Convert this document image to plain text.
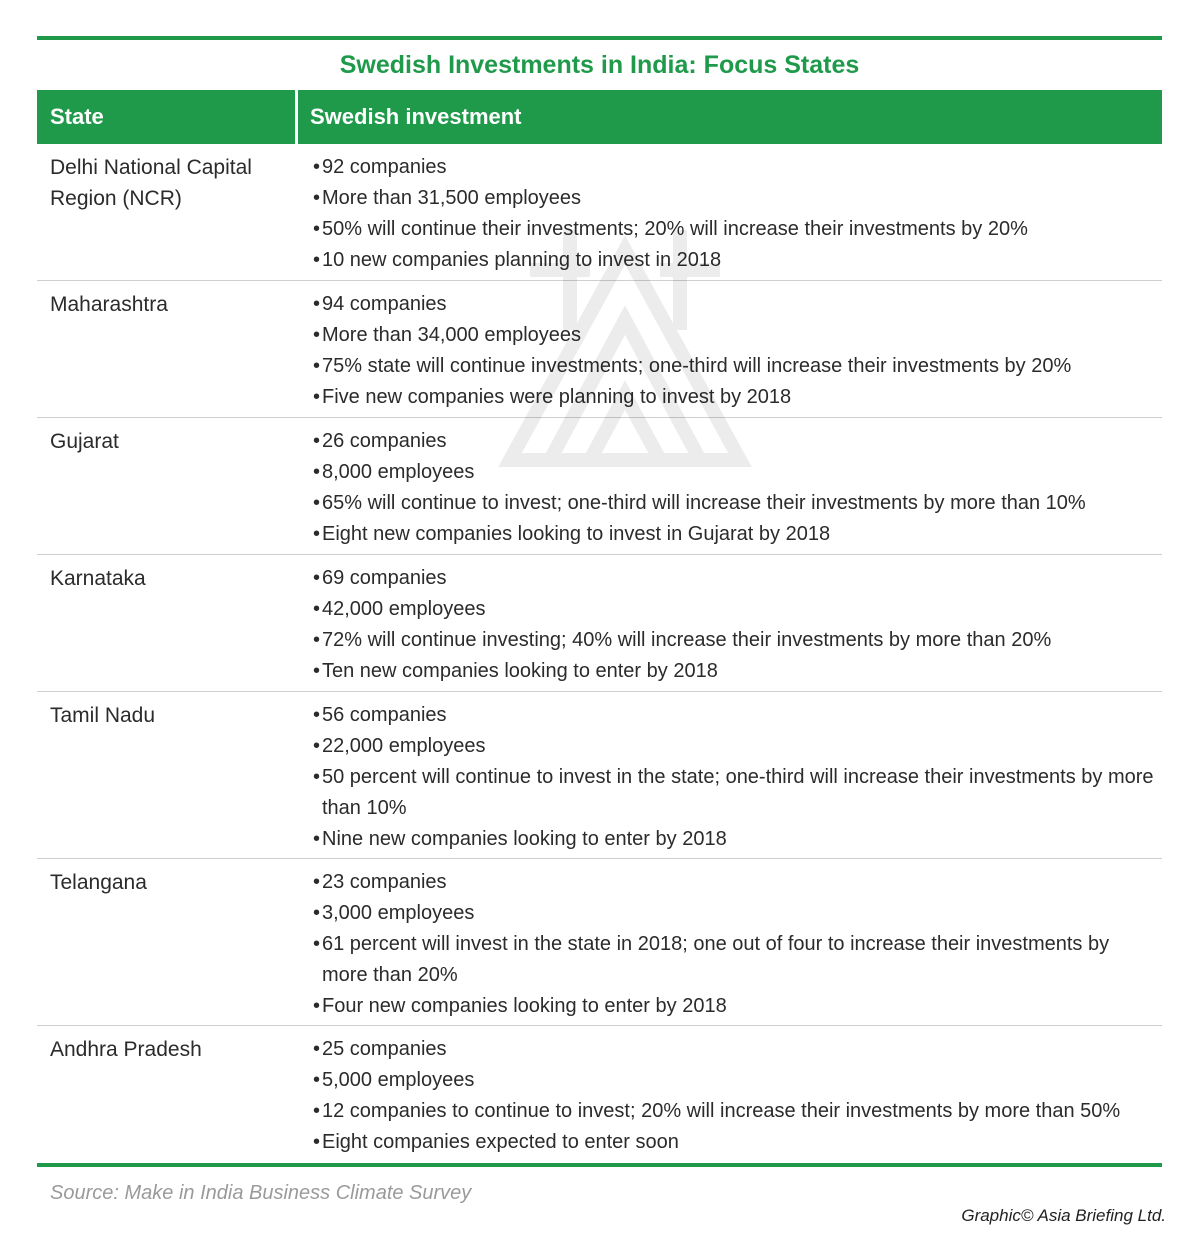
Swedish Investments in India: Focus States
State	Swedish investment
Delhi National Capital Region (NCR)
• 92 companies
• More than 31,500 employees
• 50% will continue their investments; 20% will increase their investments by 20%
• 10 new companies planning to invest in 2018
Maharashtra	• 94 companies
• More than 34,000 employees
• 75% state will continue investments; one-third will increase their investments by 20%
• Five new companies were planning to invest by 2018
Gujarat	• 26 companies
• 8,000 employees
• 65% will continue to invest; one-third will increase their investments by more than 10%
• Eight new companies looking to invest in Gujarat by 2018
Karnataka	• 69 companies
• 42,000 employees
• 72% will continue investing; 40% will increase their investments by more than 20%
• Ten new companies looking to enter by 2018
Tamil Nadu	• 56 companies
• 22,000 employees
• 50 percent will continue to invest in the state; one-third will increase their investments by more than 10%
• Nine new companies looking to enter by 2018
Telangana	• 23 companies
• 3,000 employees
• 61 percent will invest in the state in 2018; one out of four to increase their investments by more than 20%
• Four new companies looking to enter by 2018
Andhra Pradesh	• 25 companies
• 5,000 employees
• 12 companies to continue to invest; 20% will increase their investments by more than 50%
• Eight companies expected to enter soon
Source: Make in India Business Climate Survey
Graphic© Asia Briefing Ltd.
